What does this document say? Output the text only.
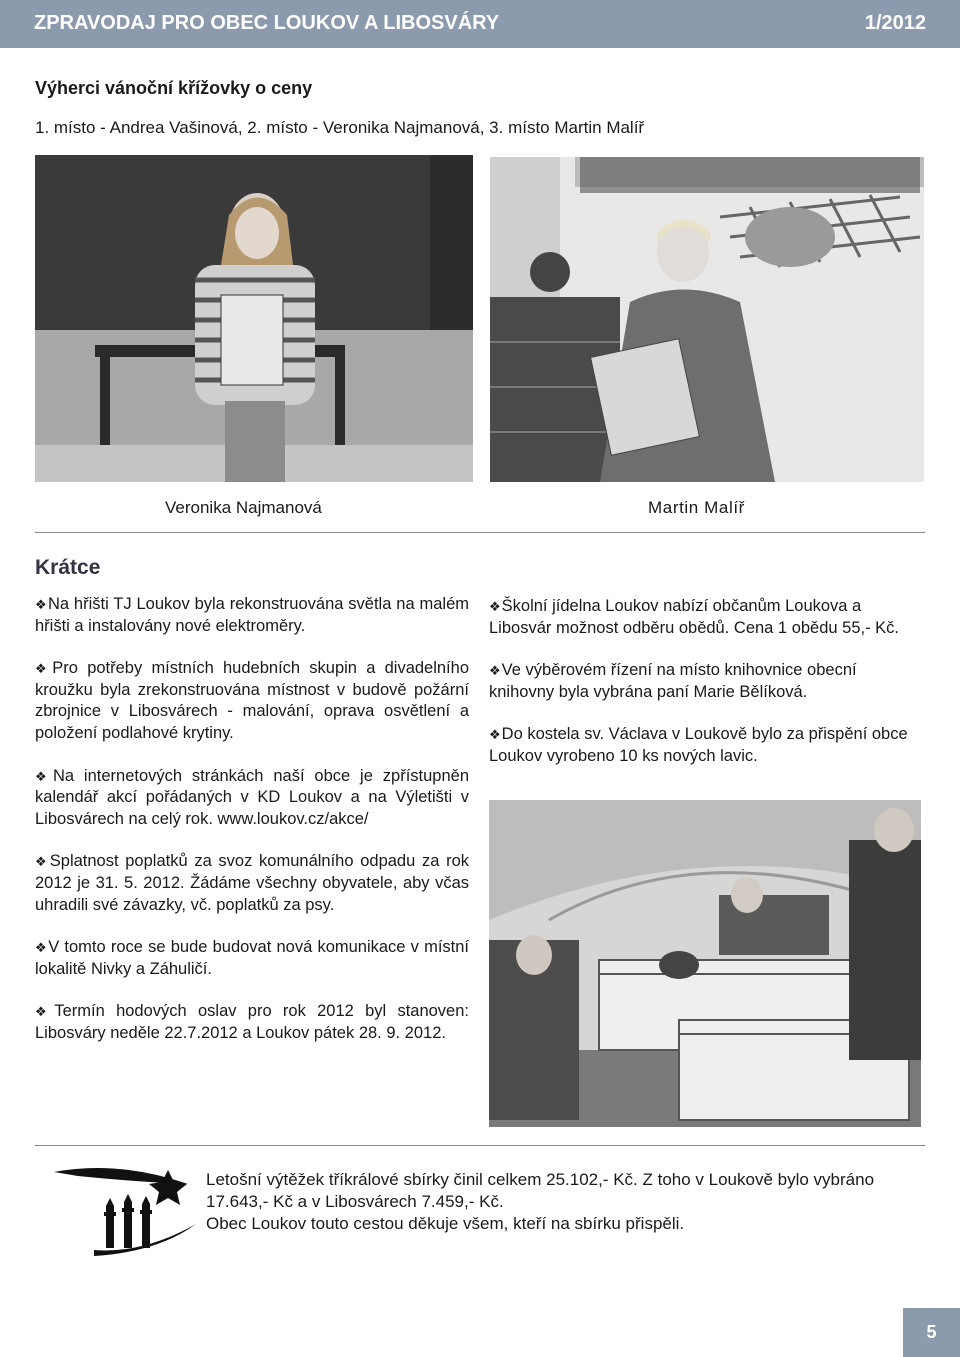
ZPRAVODAJ PRO OBEC LOUKOV A LIBOSVÁRY	1/2012
Výherci vánoční křížovky o ceny
1. místo - Andrea Vašinová, 2. místo - Veronika Najmanová, 3. místo Martin Malíř
Veronika Najmanová	Martin Malíř
Krátce
❖Na hřišti TJ Loukov byla rekonstruována světla na malém hřišti a instalovány nové elektroměry.
❖Pro potřeby místních hudebních skupin a divadelního kroužku byla zrekonstruována místnost v budově požární zbrojnice v Libosvárech - malování, oprava osvětlení a položení podlahové krytiny.
❖Na internetových stránkách naší obce je zpřístupněn kalendář akcí pořádaných v KD Loukov a na Výletišti v Libosvárech na celý rok. www.loukov.cz/akce/
❖Splatnost poplatků za svoz komunálního odpadu za rok 2012 je 31. 5. 2012. Žádáme všechny obyvatele, aby včas uhradili své závazky, vč. poplatků za psy.
❖V tomto roce se bude budovat nová komunikace v místní lokalitě Nivky a Záhuličí.
❖Termín hodových oslav pro rok 2012 byl stanoven: Libosváry neděle 22.7.2012 a Loukov pátek 28. 9. 2012.
❖Školní jídelna Loukov nabízí občanům Loukova a Libosvár možnost odběru obědů. Cena 1 obědu 55,- Kč.
❖Ve výběrovém řízení na místo knihovnice obecní knihovny byla vybrána paní Marie Bělíková.
❖Do kostela sv. Václava v Loukově bylo za přispění obce Loukov vyrobeno 10 ks nových lavic.
Letošní výtěžek tříkrálové sbírky činil celkem 25.102,- Kč. Z toho v Loukově bylo vybráno 17.643,- Kč a v Libosvárech 7.459,- Kč.
Obec Loukov touto cestou děkuje všem, kteří na sbírku přispěli.
5
